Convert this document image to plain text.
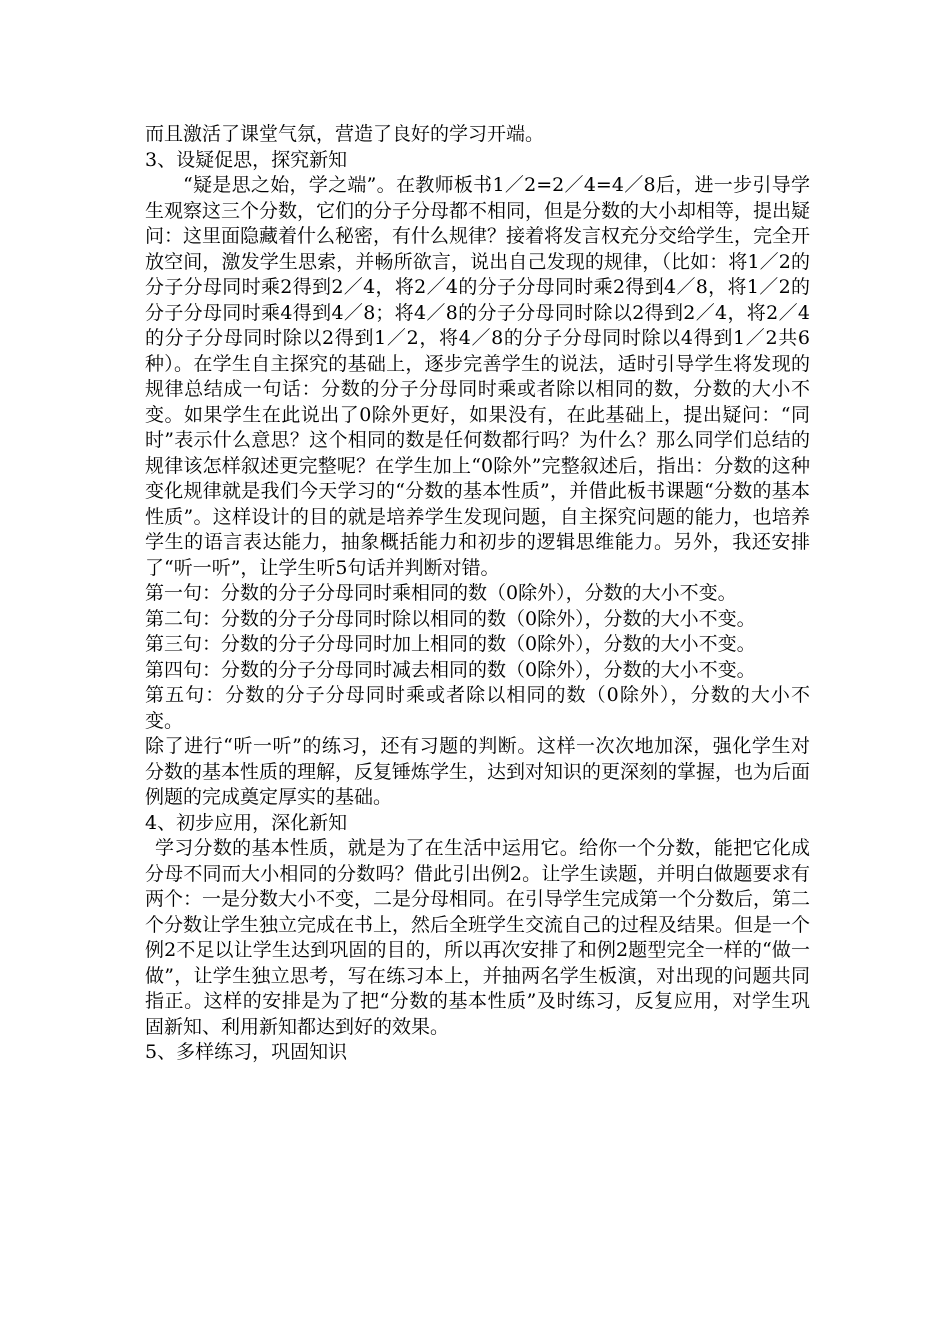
而且激活了课堂气氛，营造了良好的学习开端。

3、设疑促思，探究新知

“疑是思之始，学之端”。在教师板书1／2=2／4=4／8后，进一步引导学生观察这三个分数，它们的分子分母都不相同，但是分数的大小却相等，提出疑问：这里面隐藏着什么秘密，有什么规律？接着将发言权充分交给学生，完全开放空间，激发学生思索，并畅所欲言，说出自己发现的规律，（比如：将1／2的分子分母同时乘2得到2／4，将2／4的分子分母同时乘2得到4／8，将1／2的分子分母同时乘4得到4／8；将4／8的分子分母同时除以2得到2／4，将2／4的分子分母同时除以2得到1／2，将4／8的分子分母同时除以4得到1／2共6种）。在学生自主探究的基础上，逐步完善学生的说法，适时引导学生将发现的规律总结成一句话：分数的分子分母同时乘或者除以相同的数，分数的大小不变。如果学生在此说出了0除外更好，如果没有，在此基础上，提出疑问：“同时”表示什么意思？这个相同的数是任何数都行吗？为什么？那么同学们总结的规律该怎样叙述更完整呢？在学生加上“0除外”完整叙述后，指出：分数的这种变化规律就是我们今天学习的“分数的基本性质”，并借此板书课题“分数的基本性质”。这样设计的目的就是培养学生发现问题，自主探究问题的能力，也培养学生的语言表达能力，抽象概括能力和初步的逻辑思维能力。另外，我还安排了“听一听”，让学生听5句话并判断对错。

第一句：分数的分子分母同时乘相同的数（0除外），分数的大小不变。

第二句：分数的分子分母同时除以相同的数（0除外），分数的大小不变。

第三句：分数的分子分母同时加上相同的数（0除外），分数的大小不变。

第四句：分数的分子分母同时减去相同的数（0除外），分数的大小不变。

第五句：分数的分子分母同时乘或者除以相同的数（0除外），分数的大小不变。

除了进行“听一听”的练习，还有习题的判断。这样一次次地加深，强化学生对分数的基本性质的理解，反复锤炼学生，达到对知识的更深刻的掌握，也为后面例题的完成奠定厚实的基础。

4、初步应用，深化新知

学习分数的基本性质，就是为了在生活中运用它。给你一个分数，能把它化成分母不同而大小相同的分数吗？借此引出例2。让学生读题，并明白做题要求有两个：一是分数大小不变，二是分母相同。在引导学生完成第一个分数后，第二个分数让学生独立完成在书上，然后全班学生交流自己的过程及结果。但是一个例2不足以让学生达到巩固的目的，所以再次安排了和例2题型完全一样的“做一做”，让学生独立思考，写在练习本上，并抽两名学生板演，对出现的问题共同指正。这样的安排是为了把“分数的基本性质”及时练习，反复应用，对学生巩固新知、利用新知都达到好的效果。

5、多样练习，巩固知识
